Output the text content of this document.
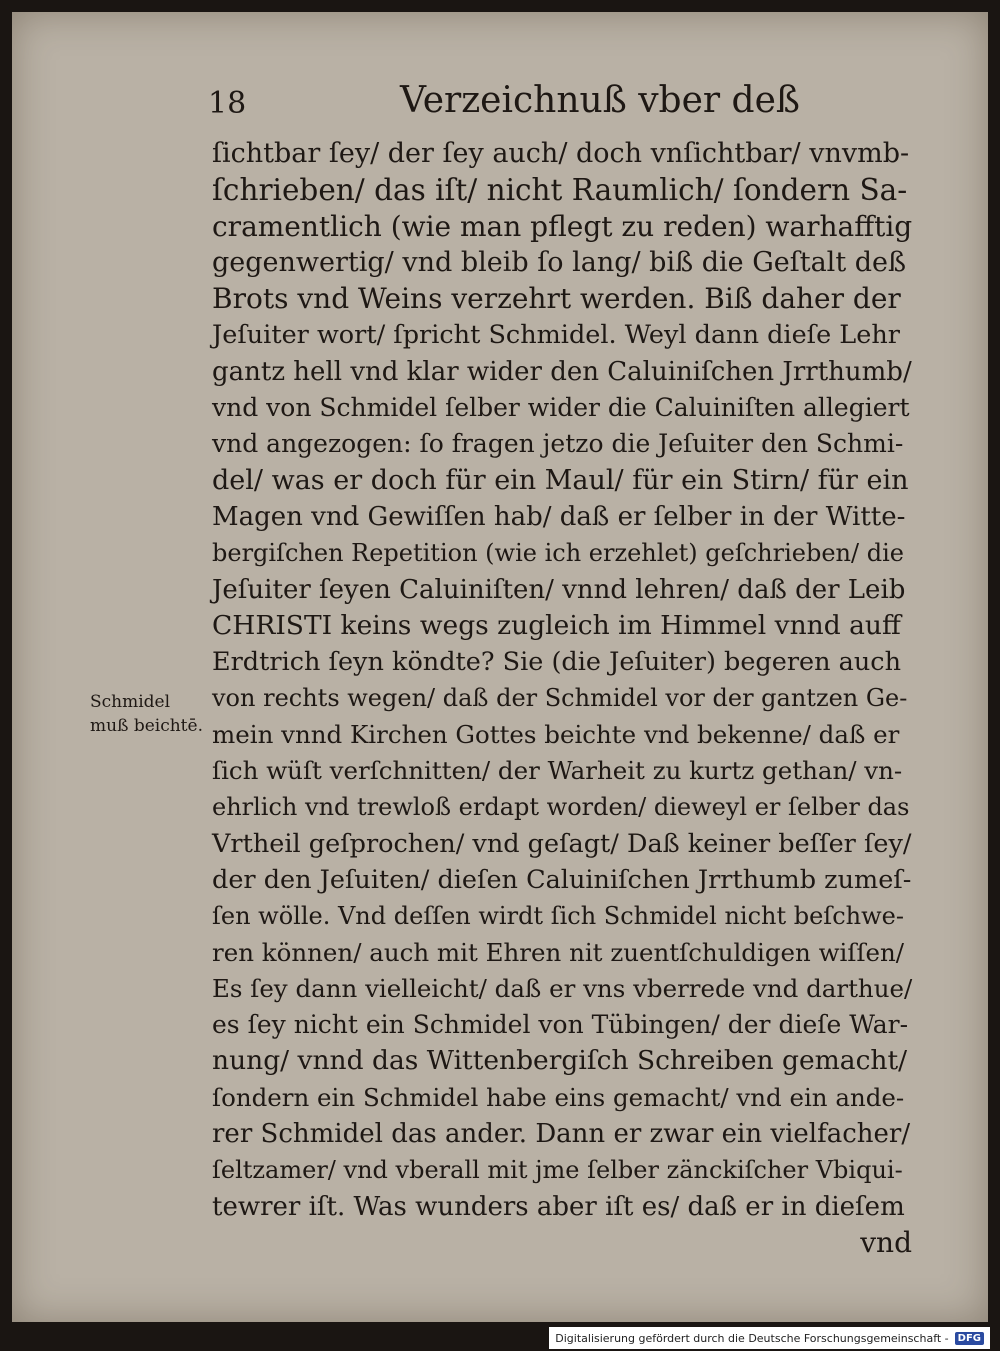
18	Verzeichnuß vber deß
Schmidel
muß beichtē.
ſichtbar ſey/ der ſey auch/ doch vnſichtbar/ vnvmb-
ſchrieben/ das iſt/ nicht Raumlich/ ſondern Sa-
cramentlich (wie man pflegt zu reden) warhafftig
gegenwertig/ vnd bleib ſo lang/ biß die Geſtalt deß
Brots vnd Weins verzehrt werden. Biß daher der
Jeſuiter wort/ ſpricht Schmidel. Weyl dann dieſe Lehr
gantz hell vnd klar wider den Caluiniſchen Jrrthumb/
vnd von Schmidel ſelber wider die Caluiniſten allegiert
vnd angezogen: ſo fragen jetzo die Jeſuiter den Schmi-
del/ was er doch für ein Maul/ für ein Stirn/ für ein
Magen vnd Gewiſſen hab/ daß er ſelber in der Witte-
bergiſchen Repetition (wie ich erzehlet) geſchrieben/ die
Jeſuiter ſeyen Caluiniſten/ vnnd lehren/ daß der Leib
CHRISTI keins wegs zugleich im Himmel vnnd auff
Erdtrich ſeyn köndte? Sie (die Jeſuiter) begeren auch
von rechts wegen/ daß der Schmidel vor der gantzen Ge-
mein vnnd Kirchen Gottes beichte vnd bekenne/ daß er
ſich wüſt verſchnitten/ der Warheit zu kurtz gethan/ vn-
ehrlich vnd trewloß erdapt worden/ dieweyl er ſelber das
Vrtheil geſprochen/ vnd geſagt/ Daß keiner beſſer ſey/
der den Jeſuiten/ dieſen Caluiniſchen Jrrthumb zumeſ-
ſen wölle. Vnd deſſen wirdt ſich Schmidel nicht beſchwe-
ren können/ auch mit Ehren nit zuentſchuldigen wiſſen/
Es ſey dann vielleicht/ daß er vns vberrede vnd darthue/
es ſey nicht ein Schmidel von Tübingen/ der dieſe War-
nung/ vnnd das Wittenbergiſch Schreiben gemacht/
ſondern ein Schmidel habe eins gemacht/ vnd ein ande-
rer Schmidel das ander. Dann er zwar ein vielfacher/
ſeltzamer/ vnd vberall mit jme ſelber zänckiſcher Vbiqui-
tewrer iſt. Was wunders aber iſt es/ daß er in dieſem
vnd
Digitalisierung gefördert durch die Deutsche Forschungsgemeinschaft - DFG
